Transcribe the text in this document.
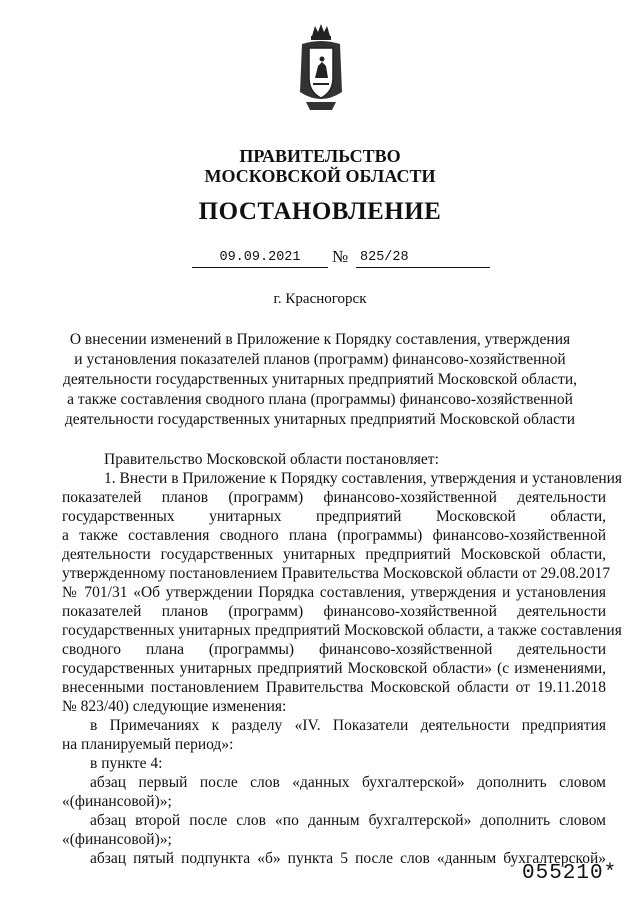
ПРАВИТЕЛЬСТВО
МОСКОВСКОЙ ОБЛАСТИ
ПОСТАНОВЛЕНИЕ
09.09.2021	№ 825/28
г. Красногорск
О внесении изменений в Приложение к Порядку составления, утверждения
и установления показателей планов (программ) финансово-хозяйственной
деятельности государственных унитарных предприятий Московской области,
а также составления сводного плана (программы) финансово-хозяйственной
деятельности государственных унитарных предприятий Московской области
Правительство Московской области постановляет:
1. Внести в Приложение к Порядку составления, утверждения и установления
показателей планов (программ) финансово-хозяйственной деятельности
государственных унитарных предприятий Московской области,
а также составления сводного плана (программы) финансово-хозяйственной
деятельности государственных унитарных предприятий Московской области,
утвержденному постановлением Правительства Московской области от 29.08.2017
№ 701/31 «Об утверждении Порядка составления, утверждения и установления
показателей планов (программ) финансово-хозяйственной деятельности
государственных унитарных предприятий Московской области, а также составления
сводного плана (программы) финансово-хозяйственной деятельности
государственных унитарных предприятий Московской области» (с изменениями,
внесенными постановлением Правительства Московской области от 19.11.2018
№ 823/40) следующие изменения:
в Примечаниях к разделу «IV. Показатели деятельности предприятия
на планируемый период»:
в пункте 4:
абзац первый после слов «данных бухгалтерской» дополнить словом
«(финансовой)»;
абзац второй после слов «по данным бухгалтерской» дополнить словом
«(финансовой)»;
абзац пятый подпункта «б» пункта 5 после слов «данным бухгалтерской»
055210*
